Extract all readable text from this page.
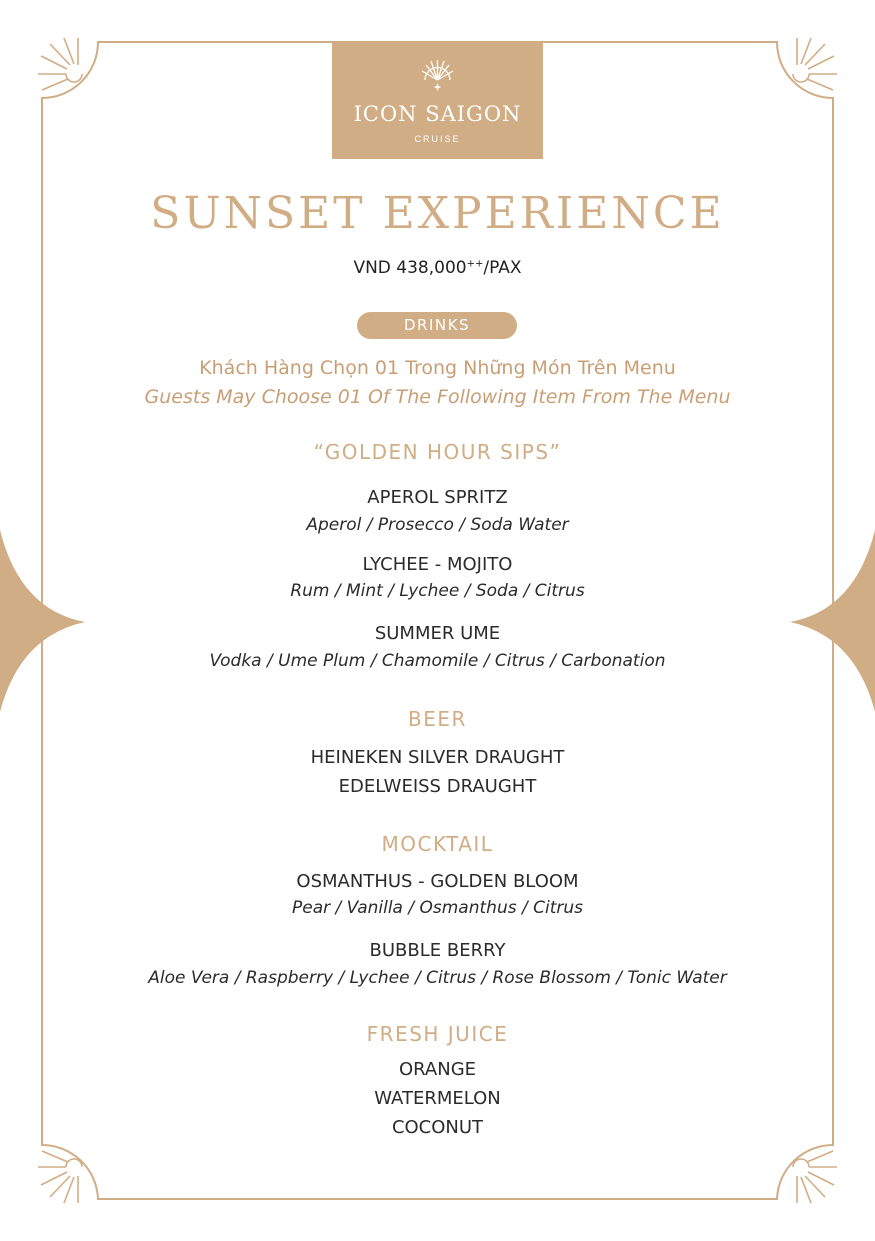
ICON SAIGON
CRUISE
SUNSET EXPERIENCE
VND 438,000++/PAX
DRINKS
Khách Hàng Chọn 01 Trong Những Món Trên Menu
Guests May Choose 01 Of The Following Item From The Menu
“GOLDEN HOUR SIPS”
APEROL SPRITZ
Aperol / Prosecco / Soda Water
LYCHEE - MOJITO
Rum / Mint / Lychee / Soda / Citrus
SUMMER UME
Vodka / Ume Plum / Chamomile / Citrus / Carbonation
BEER
HEINEKEN SILVER DRAUGHT
EDELWEISS DRAUGHT
MOCKTAIL
OSMANTHUS - GOLDEN BLOOM
Pear / Vanilla / Osmanthus / Citrus
BUBBLE BERRY
Aloe Vera / Raspberry / Lychee / Citrus / Rose Blossom / Tonic Water
FRESH JUICE
ORANGE
WATERMELON
COCONUT
